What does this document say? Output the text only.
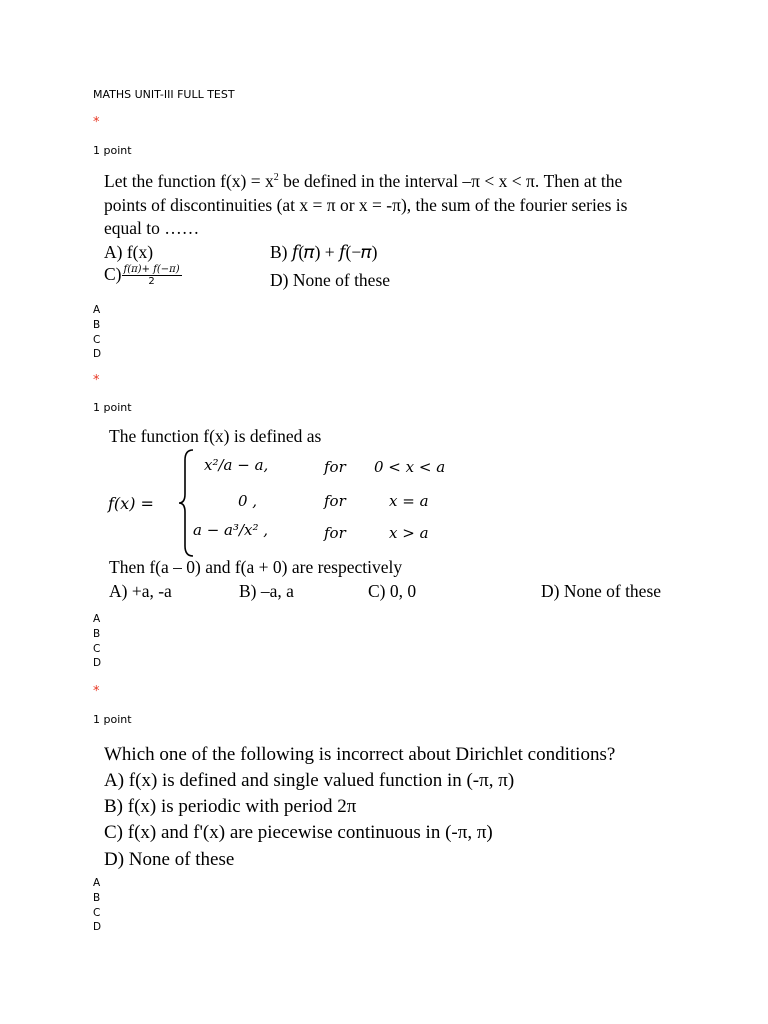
MATHS UNIT-III FULL TEST
*
1 point
Let the function $f(x) = x^2$ be defined in the interval –π < x < π. Then at the
points of discontinuities (at x = π or x = -π), the sum of the fourier series is
equal to ……
A) f(x)	B) 𝑓(𝜋) + 𝑓(−𝜋)
$C) \frac{f(\pi)+ f(-\pi)}{2}$	D) None of these
A
B
C
D
*
1 point
The function f(x) is defined as
f(x) =
x²/a − a,	for 0 < x < a
0 ,	for	x = a
a − a³/x² ,	for	x > a
Then f(a – 0) and f(a + 0) are respectively
A) +a, -a	B) –a, a	C) 0, 0	D) None of these
A
B
C
D
*
1 point
Which one of the following is incorrect about Dirichlet conditions?
A) f(x) is defined and single valued function in (-π, π)
B) f(x) is periodic with period 2π
C) f(x) and f'(x) are piecewise continuous in (-π, π)
D) None of these
A
B
C
D
